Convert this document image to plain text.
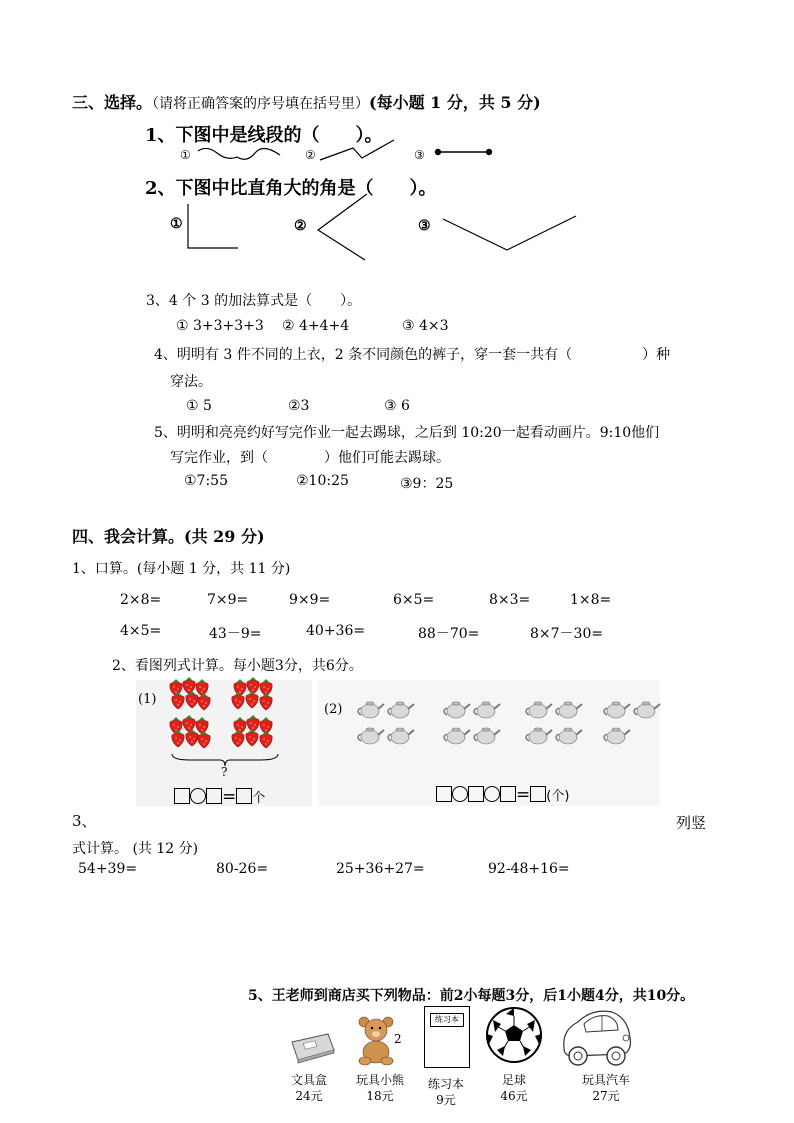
三、选择。（请将正确答案的序号填在括号里）(每小题 1 分，共 5 分)
1、下图中是线段的（　　）。
①	②	③
2、下图中比直角大的角是（　　）。
①	②	③
3、4 个 3 的加法算式是（　　）。
① 3+3+3+3 ② 4+4+4	③ 4×3
4、明明有 3 件不同的上衣，2 条不同颜色的裤子，穿一套一共有（　　　　　）种
穿法。
① 5	②3	③ 6
5、明明和亮亮约好写完作业一起去踢球，之后到 10:20一起看动画片。9:10他们
写完作业，到（　　　　）他们可能去踢球。
①7:55	②10:25	③9：25
四、我会计算。(共 29 分)
1、口算。(每小题 1 分，共 11 分)
2×8=	7×9=	9×9=	6×5=	8×3=	1×8=
4×5=	43－9=	40+36=	88－70=	8×7－30=
2、看图列式计算。每小题3分，共6分。
(1)
?
= 个
(2)
= (个)
3、	列竖
式计算。 (共 12 分)
54+39=	80-26=	25+36+27=	92-48+16=
5、王老师到商店买下列物品：前2小每题3分，后1小题4分，共10分。
文具盒
24元
2
玩具小熊
18元
练习本
练习本
9元
足球
46元
玩具汽车
27元
